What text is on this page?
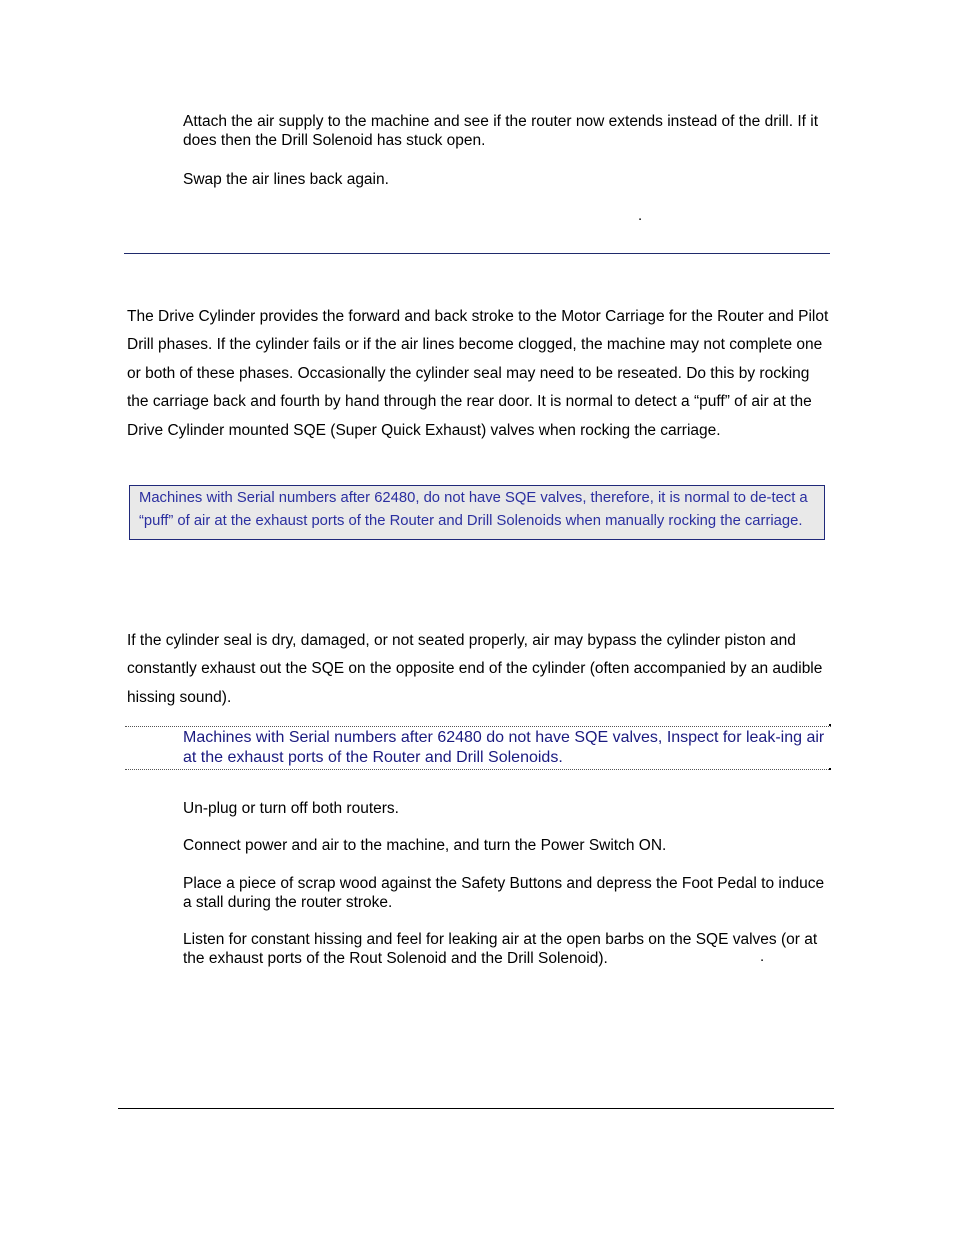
Attach the air supply to the machine and see if the router now extends instead of the drill. If it does then the Drill Solenoid has stuck open.
Swap the air lines back again.
.
The Drive Cylinder provides the forward and back stroke to the Motor Carriage for the Router and Pilot Drill phases. If the cylinder fails or if the air lines become clogged, the machine may not complete one or both of these phases. Occasionally the cylinder seal may need to be reseated. Do this by rocking the carriage back and fourth by hand through the rear door. It is normal to detect a “puff” of air at the Drive Cylinder mounted SQE (Super Quick Exhaust) valves when rocking the carriage.
Machines with Serial numbers after 62480, do not have SQE valves, therefore, it is normal to de-tect a “puff” of air at the exhaust ports of the Router and Drill Solenoids when manually rocking the carriage.
If the cylinder seal is dry, damaged, or not seated properly, air may bypass the cylinder piston and constantly exhaust out the SQE on the opposite end of the cylinder (often accompanied by an audible hissing sound).
Machines with Serial numbers after 62480 do not have SQE valves, Inspect for leak-ing air at the exhaust ports of the Router and Drill Solenoids.
Un-plug or turn off both routers.
Connect power and air to the machine, and turn the Power Switch ON.
Place a piece of scrap wood against the Safety Buttons and depress the Foot Pedal to induce a stall during the router stroke.
Listen for constant hissing and feel for leaking air at the open barbs on the SQE valves (or at the exhaust ports of the Rout Solenoid and the Drill Solenoid).	.
